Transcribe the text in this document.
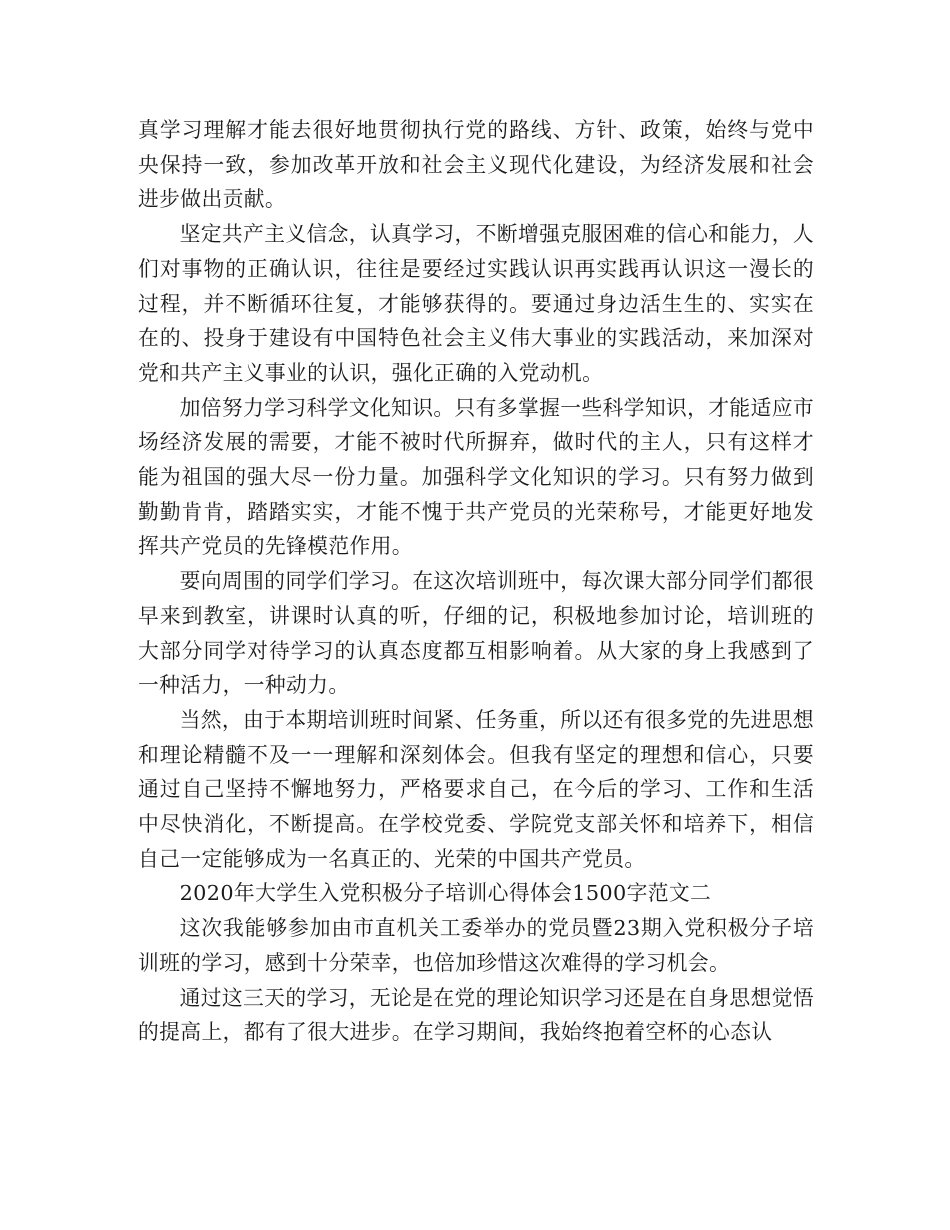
真学习理解才能去很好地贯彻执行党的路线、方针、政策，始终与党中央保持一致，参加改革开放和社会主义现代化建设，为经济发展和社会进步做出贡献。

坚定共产主义信念，认真学习，不断增强克服困难的信心和能力，人们对事物的正确认识，往往是要经过实践认识再实践再认识这一漫长的过程，并不断循环往复，才能够获得的。要通过身边活生生的、实实在在的、投身于建设有中国特色社会主义伟大事业的实践活动，来加深对党和共产主义事业的认识，强化正确的入党动机。

加倍努力学习科学文化知识。只有多掌握一些科学知识，才能适应市场经济发展的需要，才能不被时代所摒弃，做时代的主人，只有这样才能为祖国的强大尽一份力量。加强科学文化知识的学习。只有努力做到勤勤肯肯，踏踏实实，才能不愧于共产党员的光荣称号，才能更好地发挥共产党员的先锋模范作用。

要向周围的同学们学习。在这次培训班中，每次课大部分同学们都很早来到教室，讲课时认真的听，仔细的记，积极地参加讨论，培训班的大部分同学对待学习的认真态度都互相影响着。从大家的身上我感到了一种活力，一种动力。

当然，由于本期培训班时间紧、任务重，所以还有很多党的先进思想和理论精髓不及一一理解和深刻体会。但我有坚定的理想和信心，只要通过自己坚持不懈地努力，严格要求自己，在今后的学习、工作和生活中尽快消化，不断提高。在学校党委、学院党支部关怀和培养下，相信自己一定能够成为一名真正的、光荣的中国共产党员。

2020年大学生入党积极分子培训心得体会1500字范文二

这次我能够参加由市直机关工委举办的党员暨23期入党积极分子培训班的学习，感到十分荣幸，也倍加珍惜这次难得的学习机会。

通过这三天的学习，无论是在党的理论知识学习还是在自身思想觉悟的提高上，都有了很大进步。在学习期间，我始终抱着空杯的心态认
